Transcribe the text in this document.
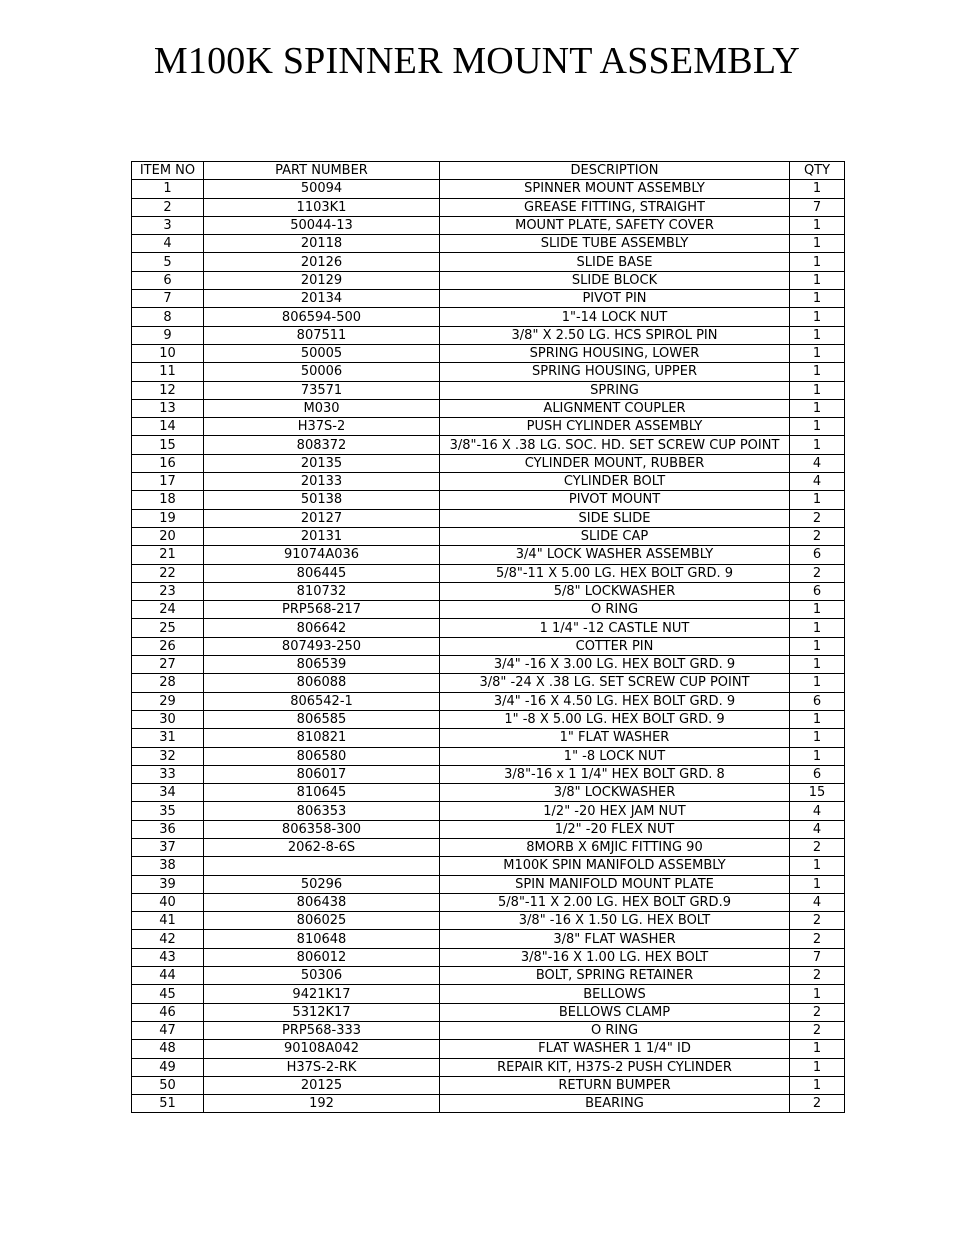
M100K SPINNER MOUNT ASSEMBLY
ITEM NO	PART NUMBER	DESCRIPTION	QTY
1	50094	SPINNER MOUNT ASSEMBLY	1
2	1103K1	GREASE FITTING, STRAIGHT	7
3	50044-13	MOUNT PLATE, SAFETY COVER	1
4	20118	SLIDE TUBE ASSEMBLY	1
5	20126	SLIDE BASE	1
6	20129	SLIDE BLOCK	1
7	20134	PIVOT PIN	1
8	806594-500	1"-14 LOCK NUT	1
9	807511	3/8" X 2.50 LG. HCS SPIROL PIN	1
10	50005	SPRING HOUSING, LOWER	1
11	50006	SPRING HOUSING, UPPER	1
12	73571	SPRING	1
13	M030	ALIGNMENT COUPLER	1
14	H37S-2	PUSH CYLINDER ASSEMBLY	1
15	808372	3/8"-16 X .38 LG. SOC. HD. SET SCREW CUP POINT	1
16	20135	CYLINDER MOUNT, RUBBER	4
17	20133	CYLINDER BOLT	4
18	50138	PIVOT MOUNT	1
19	20127	SIDE SLIDE	2
20	20131	SLIDE CAP	2
21	91074A036	3/4" LOCK WASHER ASSEMBLY	6
22	806445	5/8"-11 X 5.00 LG. HEX BOLT GRD. 9	2
23	810732	5/8" LOCKWASHER	6
24	PRP568-217	O RING	1
25	806642	1 1/4" -12 CASTLE NUT	1
26	807493-250	COTTER PIN	1
27	806539	3/4" -16 X 3.00 LG. HEX BOLT GRD. 9	1
28	806088	3/8" -24 X .38 LG. SET SCREW CUP POINT	1
29	806542-1	3/4" -16 X 4.50 LG. HEX BOLT GRD. 9	6
30	806585	1" -8 X 5.00 LG. HEX BOLT GRD. 9	1
31	810821	1" FLAT WASHER	1
32	806580	1" -8 LOCK NUT	1
33	806017	3/8"-16 x 1 1/4" HEX BOLT GRD. 8	6
34	810645	3/8" LOCKWASHER	15
35	806353	1/2" -20 HEX JAM NUT	4
36	806358-300	1/2" -20 FLEX NUT	4
37	2062-8-6S	8MORB X 6MJIC FITTING 90	2
38		M100K SPIN MANIFOLD ASSEMBLY	1
39	50296	SPIN MANIFOLD MOUNT PLATE	1
40	806438	5/8"-11 X 2.00 LG. HEX BOLT GRD.9	4
41	806025	3/8" -16 X 1.50 LG. HEX BOLT	2
42	810648	3/8" FLAT WASHER	2
43	806012	3/8"-16 X 1.00 LG. HEX BOLT	7
44	50306	BOLT, SPRING RETAINER	2
45	9421K17	BELLOWS	1
46	5312K17	BELLOWS CLAMP	2
47	PRP568-333	O RING	2
48	90108A042	FLAT WASHER 1 1/4" ID	1
49	H37S-2-RK	REPAIR KIT, H37S-2 PUSH CYLINDER	1
50	20125	RETURN BUMPER	1
51	192	BEARING	2
